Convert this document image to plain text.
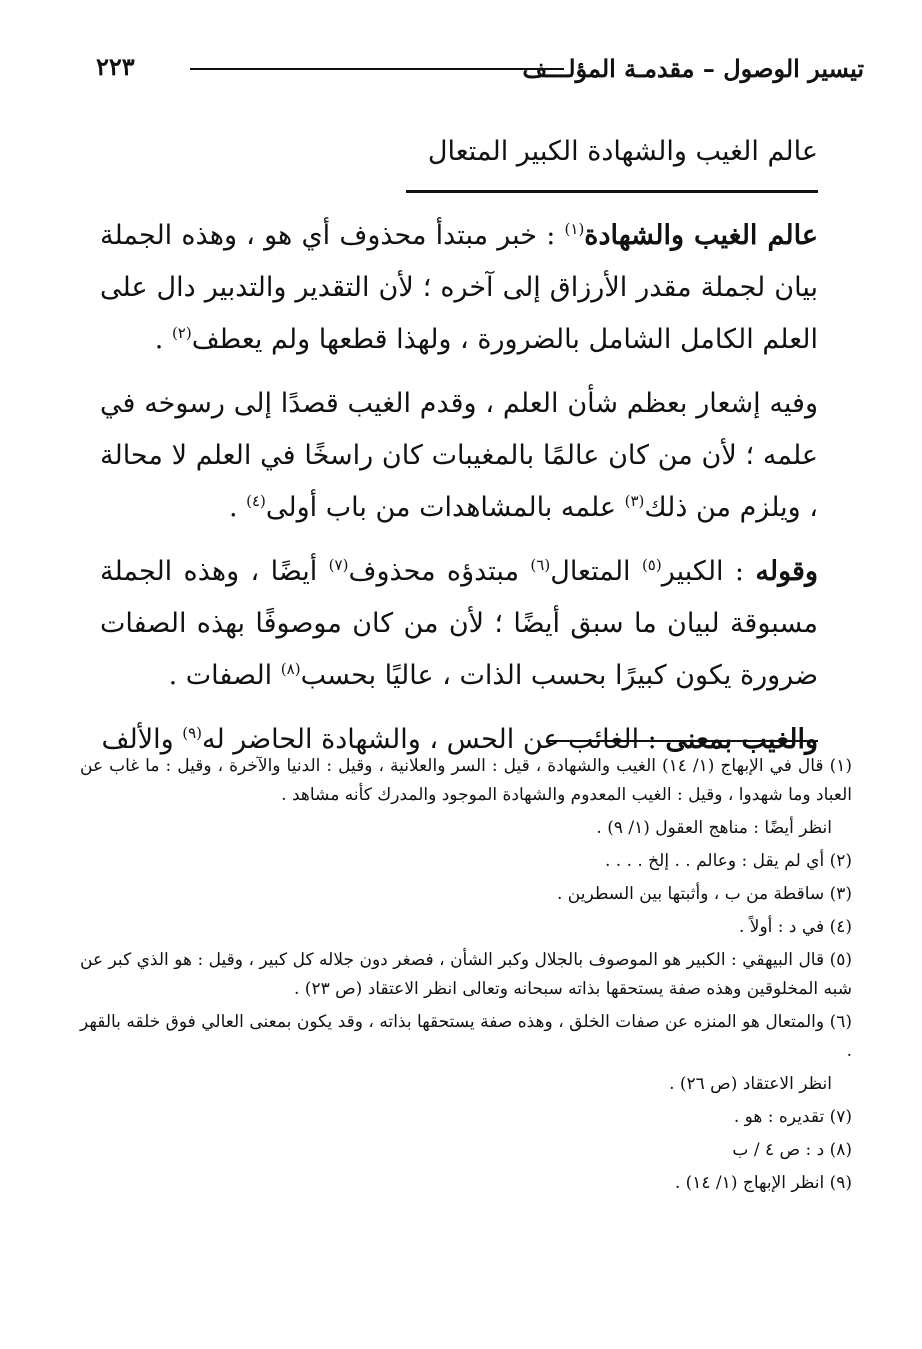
تيسير الوصول – مقدمـة المؤلـــف
٢٢٣
عالم الغيب والشهادة الكبير المتعال

عالم الغيب والشهادة$^{(١)}$ : خبر مبتدأ محذوف أي هو ، وهذه الجملة بيان لجملة مقدر الأرزاق إلى آخره ؛ لأن التقدير والتدبير دال على العلم الكامل الشامل بالضرورة ، ولهذا قطعها ولم يعطف$^{(٢)}$ .

وفيه إشعار بعظم شأن العلم ، وقدم الغيب قصدًا إلى رسوخه في علمه ؛ لأن من كان عالمًا بالمغيبات كان راسخًا في العلم لا محالة ، ويلزم من ذلك$^{(٣)}$ علمه بالمشاهدات من باب أولى$^{(٤)}$ .

وقوله : الكبير$^{(٥)}$ المتعال$^{(٦)}$ مبتدؤه محذوف$^{(٧)}$ أيضًا ، وهذه الجملة مسبوقة لبيان ما سبق أيضًا ؛ لأن من كان موصوفًا بهذه الصفات ضرورة يكون كبيرًا بحسب الذات ، عاليًا بحسب$^{(٨)}$ الصفات .

والغيب بمعنى : الغائب عن الحس ، والشهادة الحاضر له$^{(٩)}$ والألف

(١) قال في الإبهاج (١/ ١٤) الغيب والشهادة ، قيل : السر والعلانية ، وقيل : الدنيا والآخرة ، وقيل : ما غاب عن العباد وما شهدوا ، وقيل : الغيب المعدوم والشهادة الموجود والمدرك كأنه مشاهد .

انظر أيضًا : مناهج العقول (١/ ٩) .

(٢) أي لم يقل : وعالم . . إلخ . . . .

(٣) ساقطة من ب ، وأثبتها بين السطرين .

(٤) في د : أولاً .

(٥) قال البيهقي : الكبير هو الموصوف بالجلال وكبر الشأن ، فصغر دون جلاله كل كبير ، وقيل : هو الذي كبر عن شبه المخلوقين وهذه صفة يستحقها بذاته سبحانه وتعالى انظر الاعتقاد (ص ٢٣) .

(٦) والمتعال هو المنزه عن صفات الخلق ، وهذه صفة يستحقها بذاته ، وقد يكون بمعنى العالي فوق خلقه بالقهر .

انظر الاعتقاد (ص ٢٦) .

(٧) تقديره : هو .

(٨) د : ص ٤ / ب

(٩) انظر الإبهاج (١/ ١٤) .
